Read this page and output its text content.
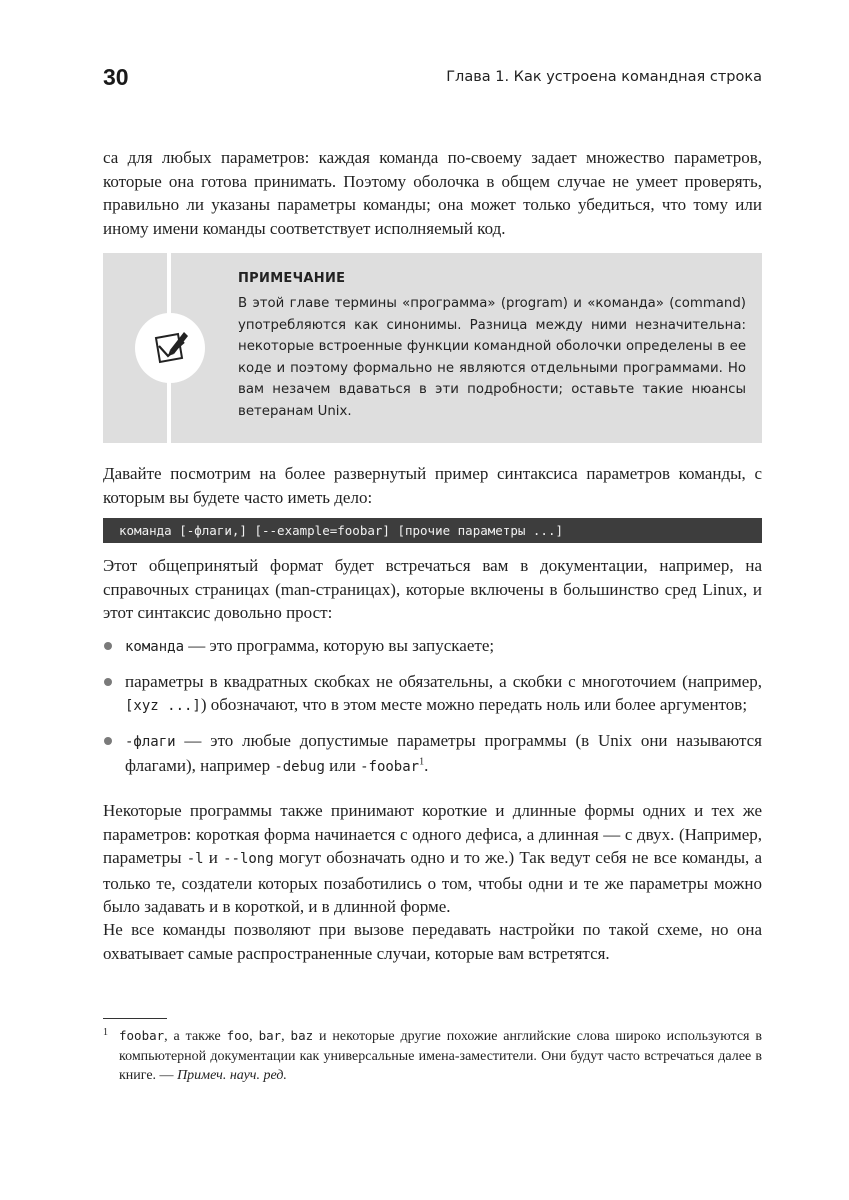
30	Глава 1. Как устроена командная строка

са для любых параметров: каждая команда по-своему задает множество параметров, которые она готова принимать. Поэтому оболочка в общем случае не умеет проверять, правильно ли указаны параметры команды; она может только убедиться, что тому или иному имени команды соответствует исполняемый код.

ПРИМЕЧАНИЕ

В этой главе термины «программа» (program) и «команда» (command) употребляются как синонимы. Разница между ними незначительна: некоторые встроенные функции командной оболочки определены в ее коде и поэтому формально не являются отдельными программами. Но вам незачем вдаваться в эти подробности; оставьте такие нюансы ветеранам Unix.

Давайте посмотрим на более развернутый пример синтаксиса параметров команды, с которым вы будете часто иметь дело:

команда [-флаги,] [--example=foobar] [прочие параметры ...]

Этот общепринятый формат будет встречаться вам в документации, например, на справочных страницах (man-страницах), которые включены в большинство сред Linux, и этот синтаксис довольно прост:

команда — это программа, которую вы запускаете;
параметры в квадратных скобках не обязательны, а скобки с многоточием (например, [xyz ...]) обозначают, что в этом месте можно передать ноль или более аргументов;
-флаги — это любые допустимые параметры программы (в Unix они называются флагами), например -debug или -foobar$^1$.

Некоторые программы также принимают короткие и длинные формы одних и тех же параметров: короткая форма начинается с одного дефиса, а длинная — с двух. (Например, параметры -l и --long могут обозначать одно и то же.) Так ведут себя не все команды, а только те, создатели которых позаботились о том, чтобы одни и те же параметры можно было задавать и в короткой, и в длинной форме.

Не все команды позволяют при вызове передавать настройки по такой схеме, но она охватывает самые распространенные случаи, которые вам встретятся.

1 foobar, а также foo, bar, baz и некоторые другие похожие английские слова широко используются в компьютерной документации как универсальные имена-заместители. Они будут часто встречаться далее в книге. — Примеч. науч. ред.
